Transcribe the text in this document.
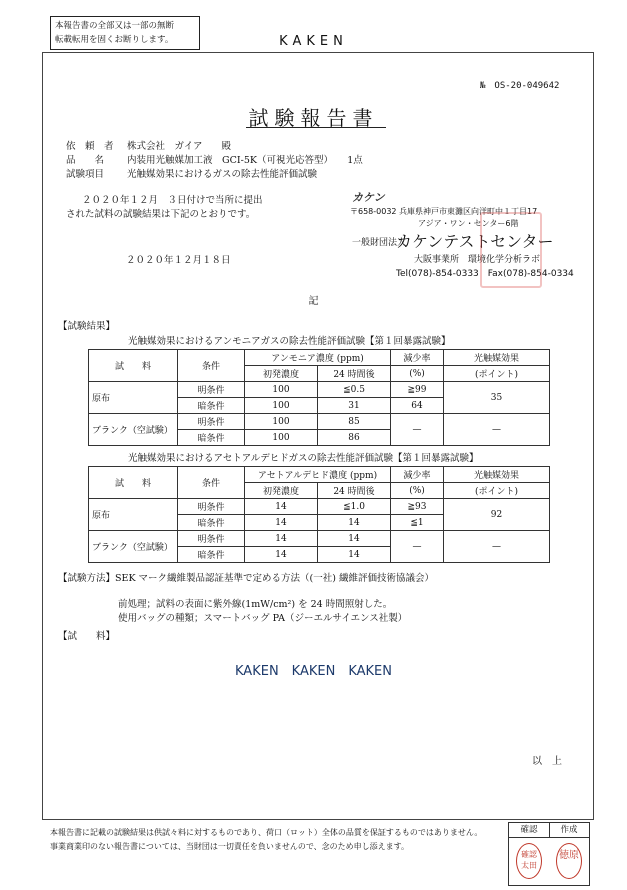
本報告書の全部又は一部の無断
転載転用を固くお断りします。	KAKEN
№　OS-20-049642
試験報告書
依　頼　者 株式会社　ガイア　　殿
品　　名 内装用光触媒加工液　GCI-5K（可視光応答型）　　1点
試験項目 光触媒効果におけるガスの除去性能評価試験
２０２０年１２月　３日付けで当所に提出
された試料の試験結果は下記のとおりです。
カケン
〒658-0032 兵庫県神戸市東灘区向洋町中１丁目17
アジア・ワン・センター6階
一般財団法人
カケンテストセンター
大阪事業所　環境化学分析ラボ
Tel(078)-854-0333　Fax(078)-854-0334
２０２０年１２月１８日
記
【試験結果】
光触媒効果におけるアンモニアガスの除去性能評価試験【第１回暴露試験】
試　　料	条件	アンモニア濃度 (ppm)		減少率	光触媒効果
		初発濃度	24 時間後	(%)	(ポイント)
原布	明条件	100	≦0.5	≧99	35
	暗条件	100	31	64	
ブランク（空試験）	明条件	100	85	—	—
	暗条件	100	86		
光触媒効果におけるアセトアルデヒドガスの除去性能評価試験【第１回暴露試験】
試　　料	条件	アセトアルデヒド濃度 (ppm)		減少率	光触媒効果
		初発濃度	24 時間後	(%)	(ポイント)
原布	明条件	14	≦1.0	≧93	92
	暗条件	14	14	≦1	
ブランク（空試験）	明条件	14	14	—	—
	暗条件	14	14		
【試験方法】SEK マーク繊維製品認証基準で定める方法（(一社) 繊維評価技術協議会）
前処理；試料の表面に紫外線(1mW/cm²) を 24 時間照射した。
使用バッグの種類；スマートバッグ PA（ジーエルサイエンス社製）
【試　　料】
KAKEN　KAKEN　KAKEN
以上
本報告書に記載の試験結果は供試々料に対するものであり、荷口（ロット）全体の品質を保証するものではありません。
事業商業印のない報告書については、当財団は一切責任を負いませんので、念のため申し添えます。
確認	作成
確認 太田
徳原
